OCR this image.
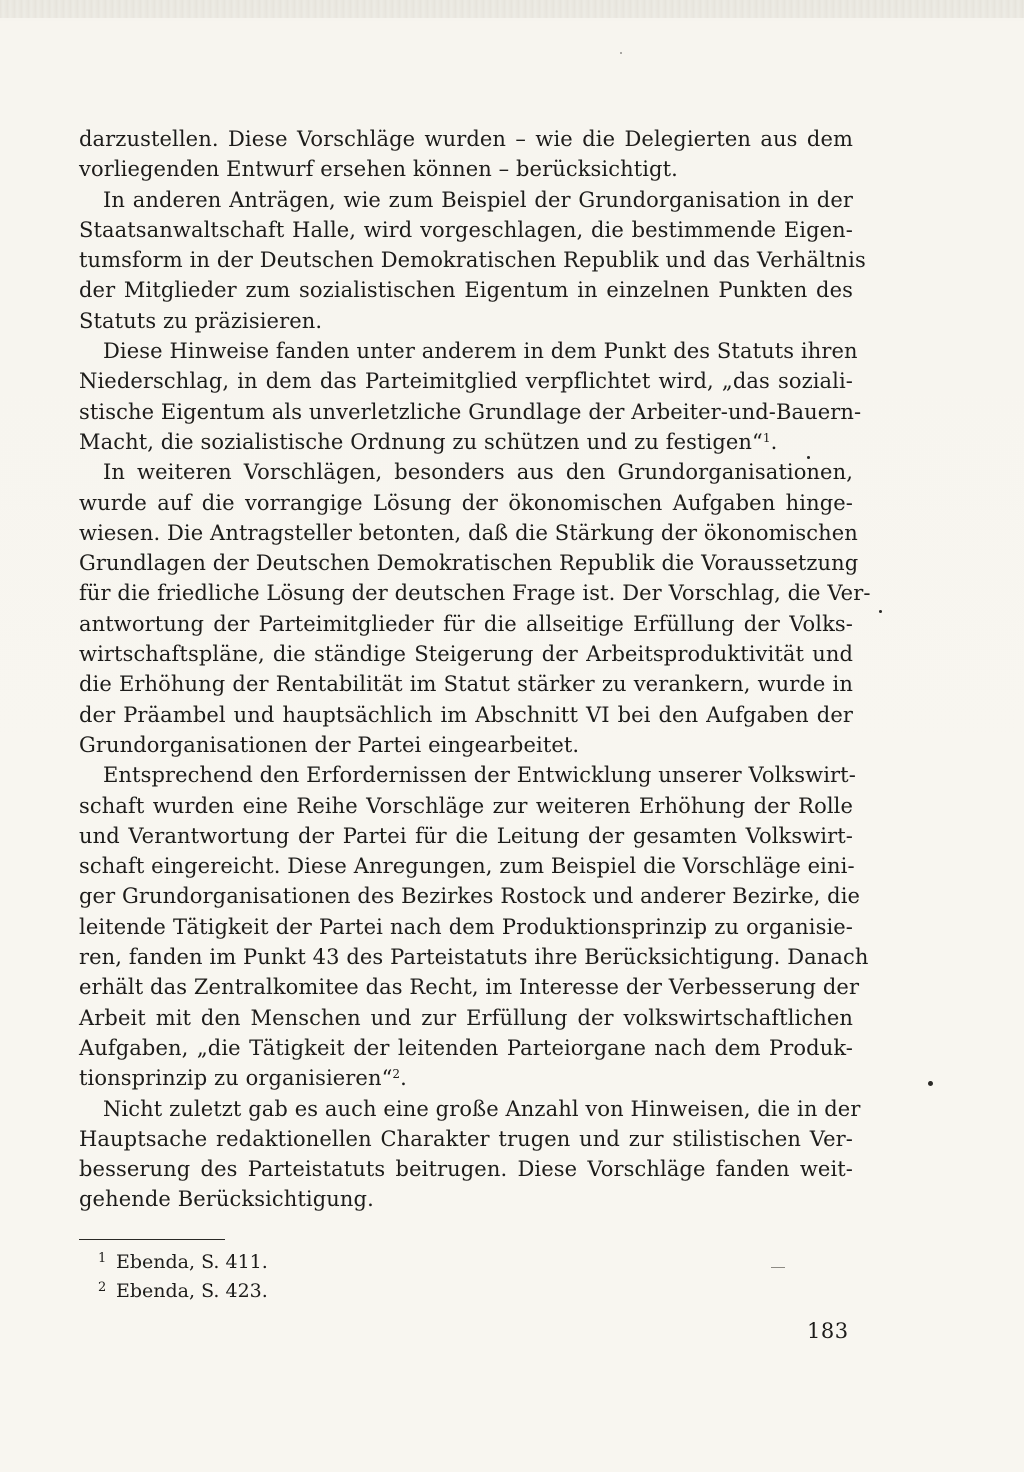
darzustellen. Diese Vorschläge wurden – wie die Delegierten aus dem
vorliegenden Entwurf ersehen können – berücksichtigt.
In anderen Anträgen, wie zum Beispiel der Grundorganisation in der
Staatsanwaltschaft Halle, wird vorgeschlagen, die bestimmende Eigen-
tumsform in der Deutschen Demokratischen Republik und das Verhältnis
der Mitglieder zum sozialistischen Eigentum in einzelnen Punkten des
Statuts zu präzisieren.
Diese Hinweise fanden unter anderem in dem Punkt des Statuts ihren
Niederschlag, in dem das Parteimitglied verpflichtet wird, „das soziali-
stische Eigentum als unverletzliche Grundlage der Arbeiter-und-Bauern-
Macht, die sozialistische Ordnung zu schützen und zu festigen“$^1$.
In weiteren Vorschlägen, besonders aus den Grundorganisationen,
wurde auf die vorrangige Lösung der ökonomischen Aufgaben hinge-
wiesen. Die Antragsteller betonten, daß die Stärkung der ökonomischen
Grundlagen der Deutschen Demokratischen Republik die Voraussetzung
für die friedliche Lösung der deutschen Frage ist. Der Vorschlag, die Ver-
antwortung der Parteimitglieder für die allseitige Erfüllung der Volks-
wirtschaftspläne, die ständige Steigerung der Arbeitsproduktivität und
die Erhöhung der Rentabilität im Statut stärker zu verankern, wurde in
der Präambel und hauptsächlich im Abschnitt VI bei den Aufgaben der
Grundorganisationen der Partei eingearbeitet.
Entsprechend den Erfordernissen der Entwicklung unserer Volkswirt-
schaft wurden eine Reihe Vorschläge zur weiteren Erhöhung der Rolle
und Verantwortung der Partei für die Leitung der gesamten Volkswirt-
schaft eingereicht. Diese Anregungen, zum Beispiel die Vorschläge eini-
ger Grundorganisationen des Bezirkes Rostock und anderer Bezirke, die
leitende Tätigkeit der Partei nach dem Produktionsprinzip zu organisie-
ren, fanden im Punkt 43 des Parteistatuts ihre Berücksichtigung. Danach
erhält das Zentralkomitee das Recht, im Interesse der Verbesserung der
Arbeit mit den Menschen und zur Erfüllung der volkswirtschaftlichen
Aufgaben, „die Tätigkeit der leitenden Parteiorgane nach dem Produk-
tionsprinzip zu organisieren“$^2$.
Nicht zuletzt gab es auch eine große Anzahl von Hinweisen, die in der
Hauptsache redaktionellen Charakter trugen und zur stilistischen Ver-
besserung des Parteistatuts beitrugen. Diese Vorschläge fanden weit-
gehende Berücksichtigung.
1 Ebenda, S. 411.
2 Ebenda, S. 423.
183
